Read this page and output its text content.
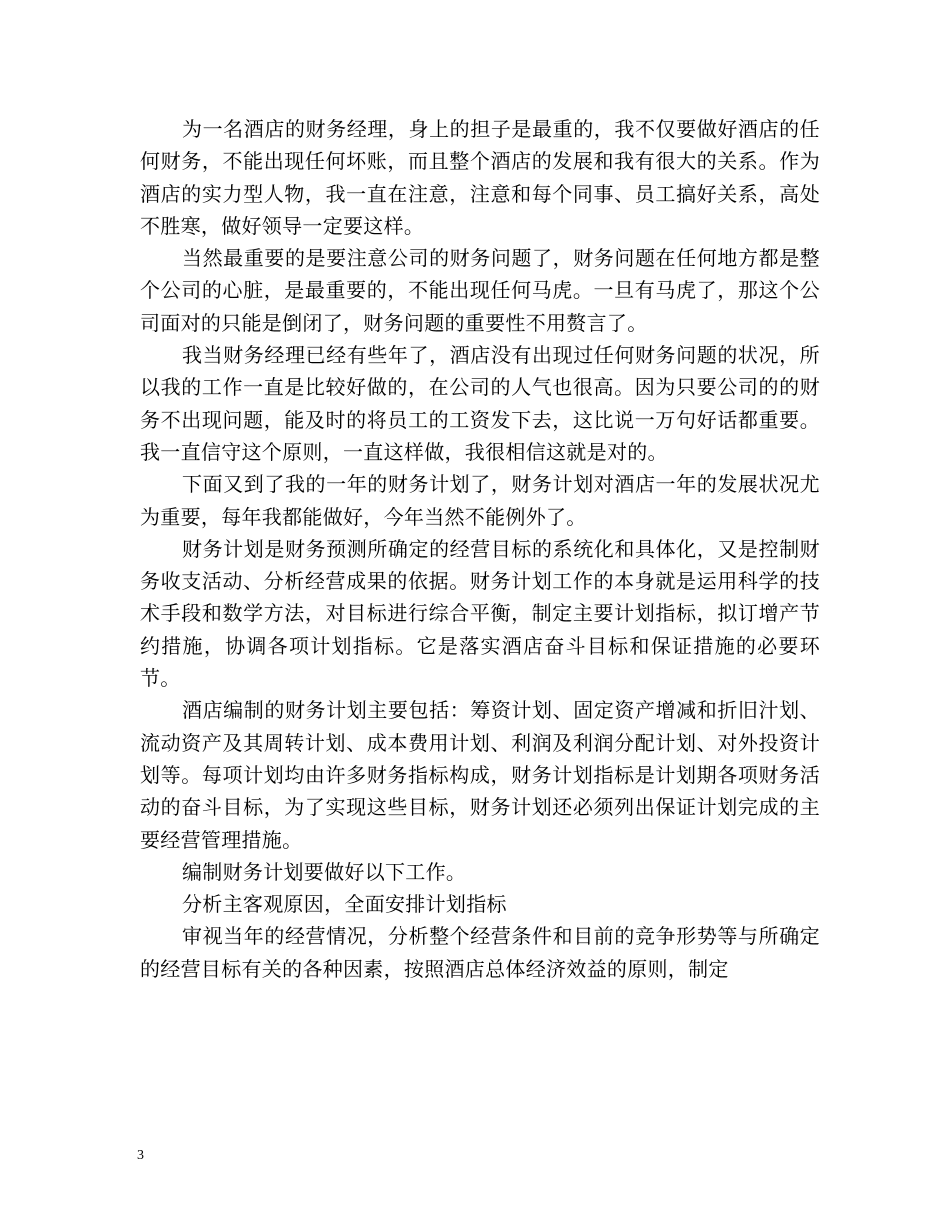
为一名酒店的财务经理，身上的担子是最重的，我不仅要做好酒店的任何财务，不能出现任何坏账，而且整个酒店的发展和我有很大的关系。作为酒店的实力型人物，我一直在注意，注意和每个同事、员工搞好关系，高处不胜寒，做好领导一定要这样。

当然最重要的是要注意公司的财务问题了，财务问题在任何地方都是整个公司的心脏，是最重要的，不能出现任何马虎。一旦有马虎了，那这个公司面对的只能是倒闭了，财务问题的重要性不用赘言了。

我当财务经理已经有些年了，酒店没有出现过任何财务问题的状况，所以我的工作一直是比较好做的，在公司的人气也很高。因为只要公司的的财务不出现问题，能及时的将员工的工资发下去，这比说一万句好话都重要。我一直信守这个原则，一直这样做，我很相信这就是对的。

下面又到了我的一年的财务计划了，财务计划对酒店一年的发展状况尤为重要，每年我都能做好，今年当然不能例外了。

财务计划是财务预测所确定的经营目标的系统化和具体化，又是控制财务收支活动、分析经营成果的依据。财务计划工作的本身就是运用科学的技术手段和数学方法，对目标进行综合平衡，制定主要计划指标，拟订增产节约措施，协调各项计划指标。它是落实酒店奋斗目标和保证措施的必要环节。

酒店编制的财务计划主要包括：筹资计划、固定资产增减和折旧汁划、流动资产及其周转计划、成本费用计划、利润及利润分配计划、对外投资计划等。每项计划均由许多财务指标构成，财务计划指标是计划期各项财务活动的奋斗目标，为了实现这些目标，财务计划还必须列出保证计划完成的主要经营管理措施。

编制财务计划要做好以下工作。

分析主客观原因，全面安排计划指标

审视当年的经营情况，分析整个经营条件和目前的竞争形势等与所确定的经营目标有关的各种因素，按照酒店总体经济效益的原则，制定

3
